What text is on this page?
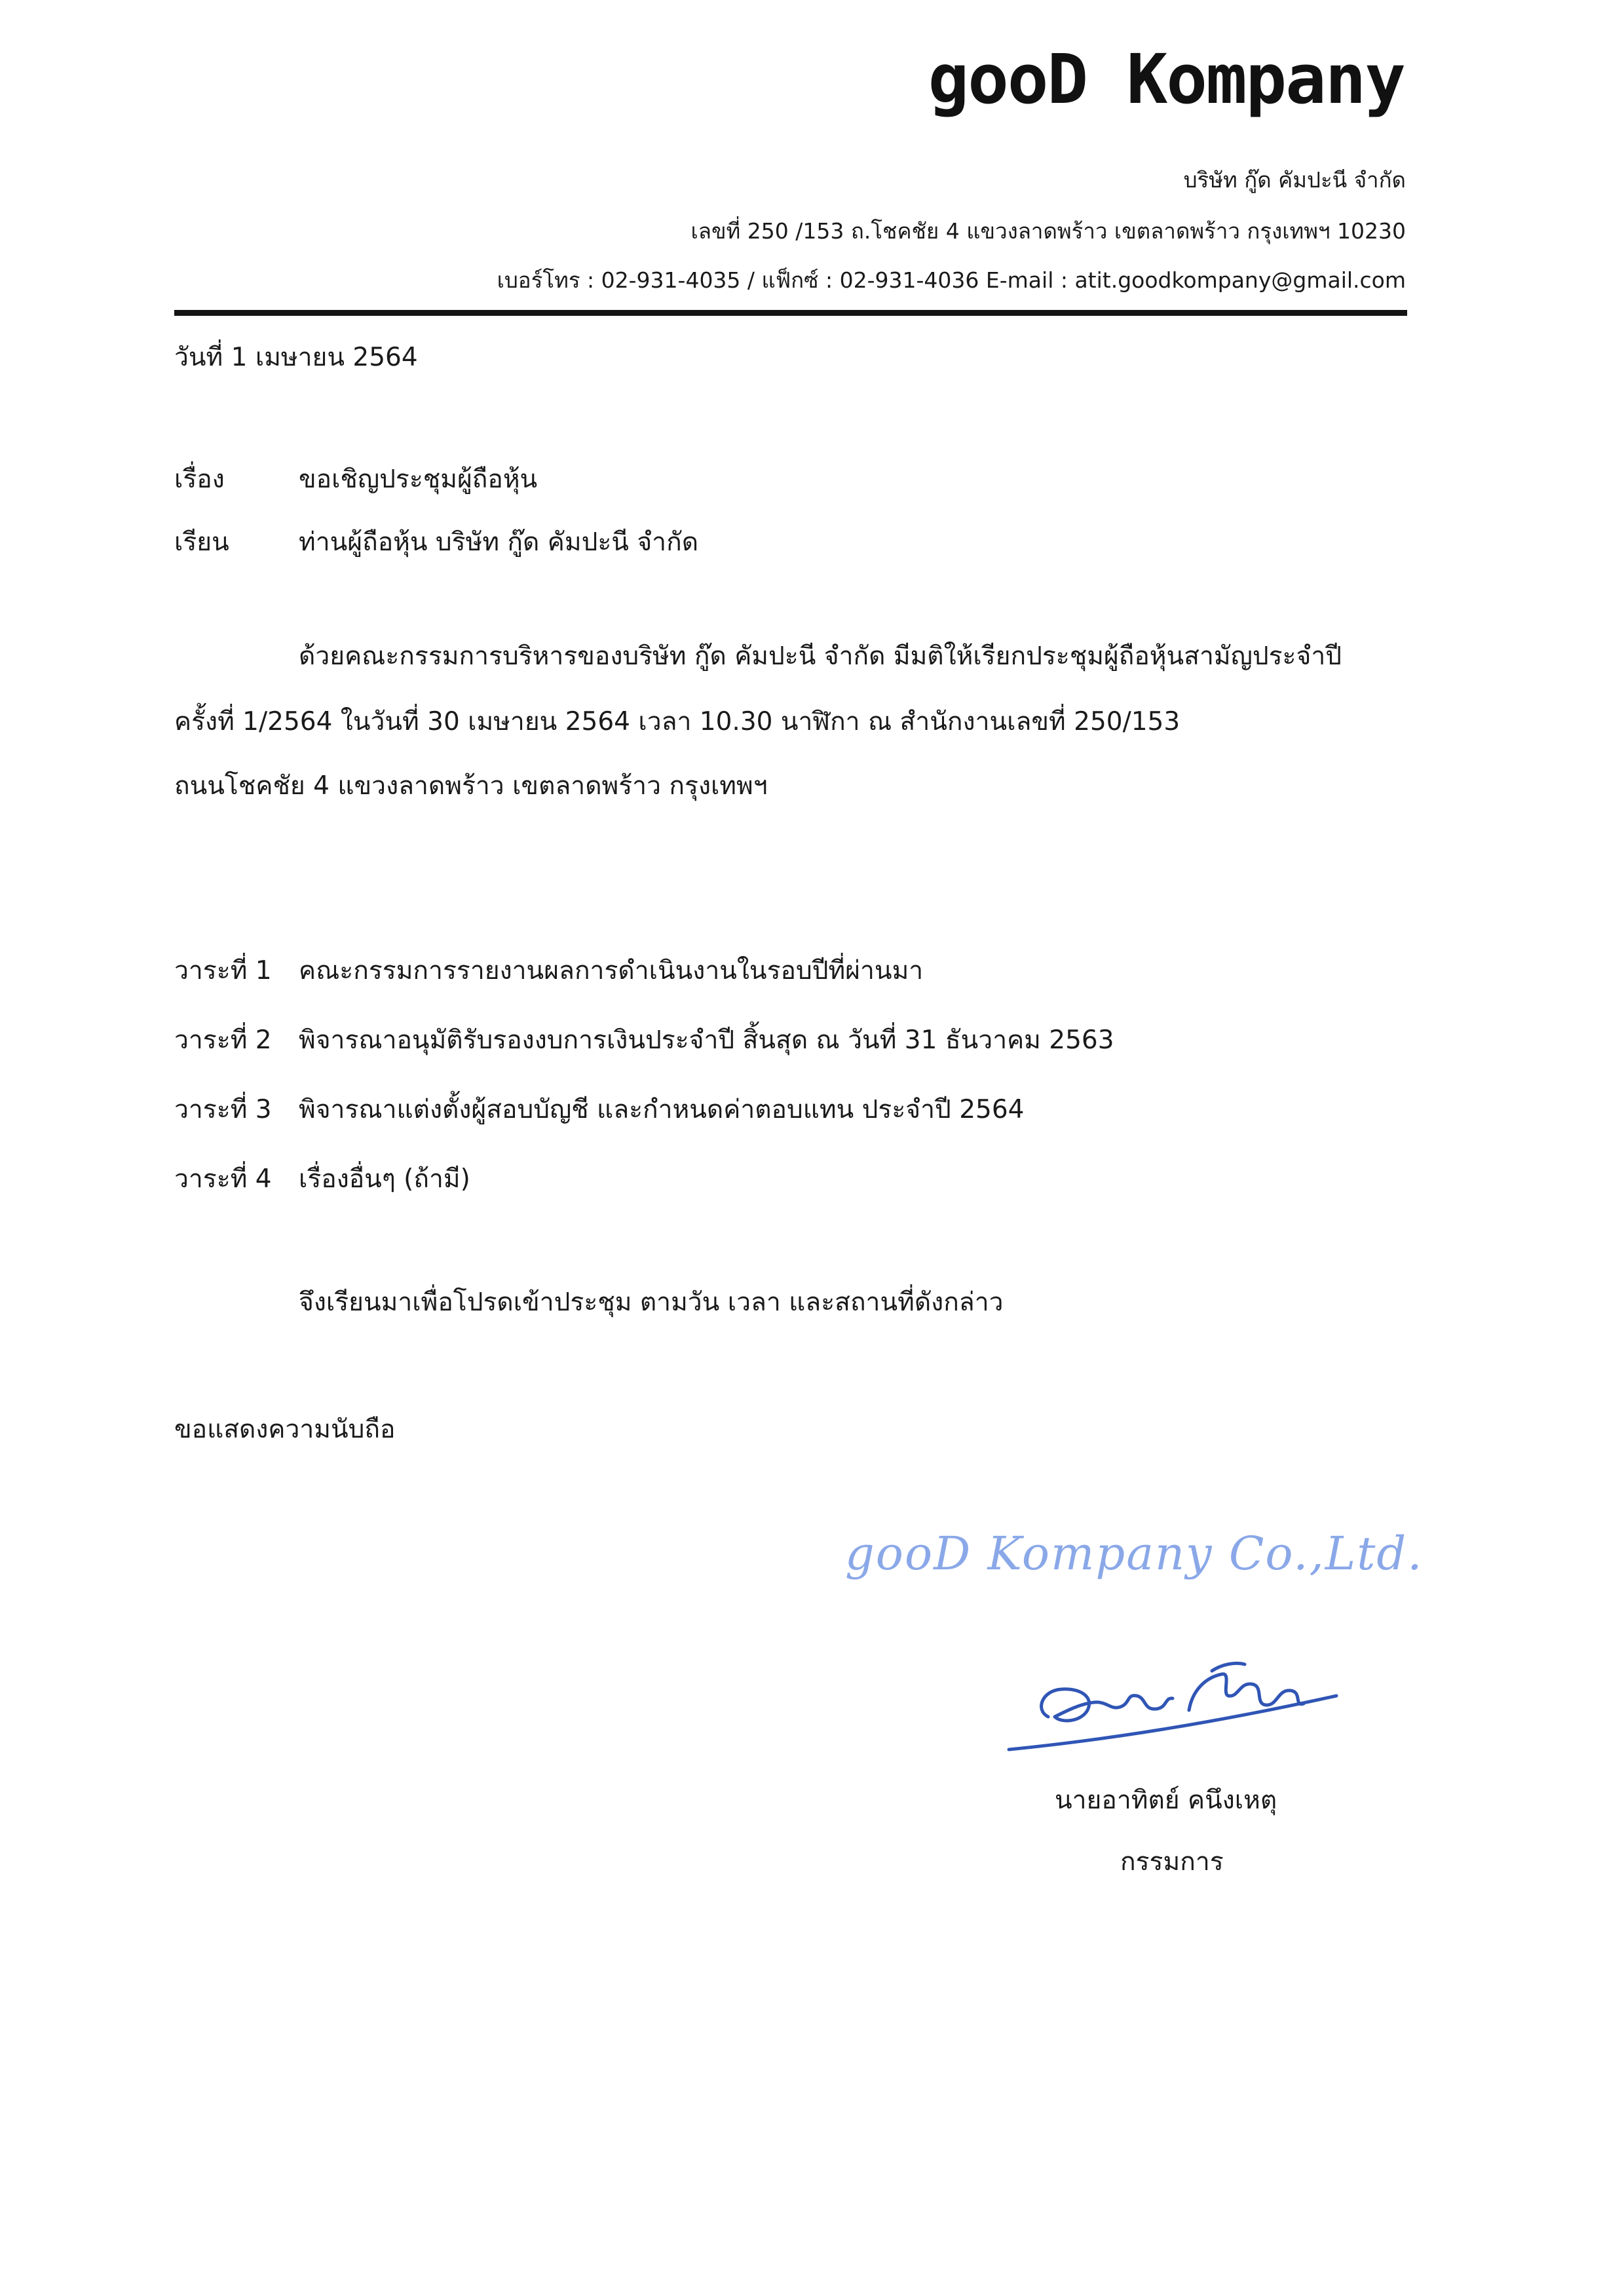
gooD Kompany
บริษัท กู๊ด คัมปะนี จำกัด
เลขที่ 250 /153 ถ.โชคชัย 4 แขวงลาดพร้าว เขตลาดพร้าว กรุงเทพฯ 10230
เบอร์โทร : 02-931-4035 / แฟ็กซ์ : 02-931-4036 E-mail : atit.goodkompany@gmail.com
วันที่ 1 เมษายน 2564
เรื่อง	ขอเชิญประชุมผู้ถือหุ้น
เรียน	ท่านผู้ถือหุ้น บริษัท กู๊ด คัมปะนี จำกัด
ด้วยคณะกรรมการบริหารของบริษัท กู๊ด คัมปะนี จำกัด มีมติให้เรียกประชุมผู้ถือหุ้นสามัญประจำปี
ครั้งที่ 1/2564 ในวันที่ 30 เมษายน 2564 เวลา 10.30 นาฬิกา ณ สำนักงานเลขที่ 250/153
ถนนโชคชัย 4 แขวงลาดพร้าว เขตลาดพร้าว กรุงเทพฯ
วาระที่ 1 คณะกรรมการรายงานผลการดำเนินงานในรอบปีที่ผ่านมา
วาระที่ 2 พิจารณาอนุมัติรับรองงบการเงินประจำปี สิ้นสุด ณ วันที่ 31 ธันวาคม 2563
วาระที่ 3 พิจารณาแต่งตั้งผู้สอบบัญชี และกำหนดค่าตอบแทน ประจำปี 2564
วาระที่ 4 เรื่องอื่นๆ (ถ้ามี)
จึงเรียนมาเพื่อโปรดเข้าประชุม ตามวัน เวลา และสถานที่ดังกล่าว
ขอแสดงความนับถือ
gooD Kompany Co.,Ltd.
นายอาทิตย์ คนึงเหตุ
กรรมการ
